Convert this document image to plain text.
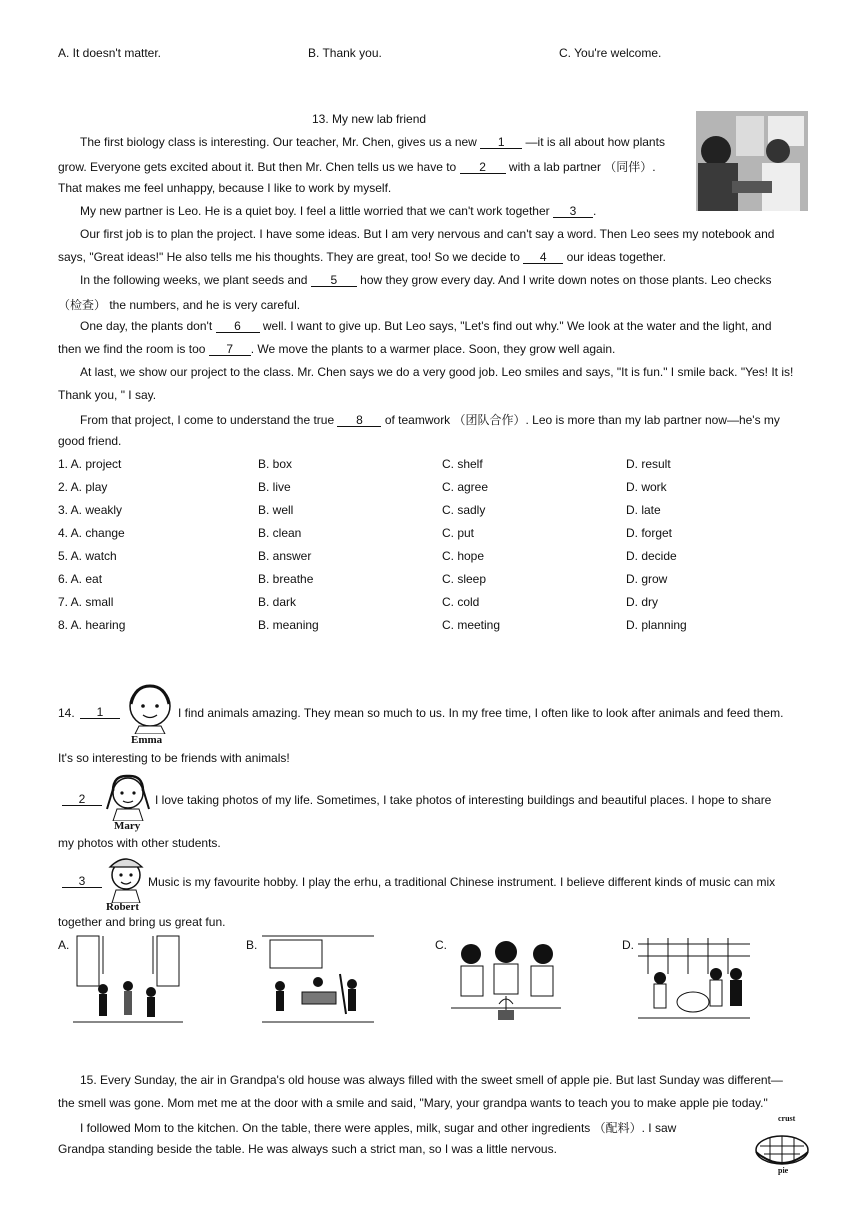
A. It doesn't matter.	B. Thank you.	C. You're welcome.
13. My new lab friend
The first biology class is interesting. Our teacher, Mr. Chen, gives us a new 1 —it is all about how plants
grow. Everyone gets excited about it. But then Mr. Chen tells us we have to 2 with a lab partner （同伴）.
That makes me feel unhappy, because I like to work by myself.
My new partner is Leo. He is a quiet boy. I feel a little worried that we can't work together 3 .
Our first job is to plan the project. I have some ideas. But I am very nervous and can't say a word. Then Leo sees my notebook and
says, "Great ideas!" He also tells me his thoughts. They are great, too! So we decide to 4 our ideas together.
In the following weeks, we plant seeds and 5 how they grow every day. And I write down notes on those plants. Leo checks
（检查） the numbers, and he is very careful.
One day, the plants don't 6 well. I want to give up. But Leo says, "Let's find out why." We look at the water and the light, and
then we find the room is too 7 . We move the plants to a warmer place. Soon, they grow well again.
At last, we show our project to the class. Mr. Chen says we do a very good job. Leo smiles and says, "It is fun." I smile back. "Yes! It is!
Thank you, " I say.
From that project, I come to understand the true 8 of teamwork （团队合作）. Leo is more than my lab partner now—he's my
good friend.
1. A. project	B. box	C. shelf	D. result
2. A. play	B. live	C. agree	D. work
3. A. weakly	B. well	C. sadly	D. late
4. A. change	B. clean	C. put	D. forget
5. A. watch	B. answer	C. hope	D. decide
6. A. eat	B. breathe	C. sleep	D. grow
7. A. small	B. dark	C. cold	D. dry
8. A. hearing	B. meaning	C. meeting	D. planning
14.	1
Emma
I find animals amazing. They mean so much to us. In my free time, I often like to look after animals and feed them.
It's so interesting to be friends with animals!
2
Mary
I love taking photos of my life. Sometimes, I take photos of interesting buildings and beautiful places. I hope to share
my photos with other students.
3
Robert
Music is my favourite hobby. I play the erhu, a traditional Chinese instrument. I believe different kinds of music can mix
together and bring us great fun.
A.	B.	C.	D.
15. Every Sunday, the air in Grandpa's old house was always filled with the sweet smell of apple pie. But last Sunday was different—
the smell was gone. Mom met me at the door with a smile and said, "Mary, your grandpa wants to teach you to make apple pie today."
I followed Mom to the kitchen. On the table, there were apples, milk, sugar and other ingredients （配料）. I saw
Grandpa standing beside the table. He was always such a strict man, so I was a little nervous.
crust
pie
